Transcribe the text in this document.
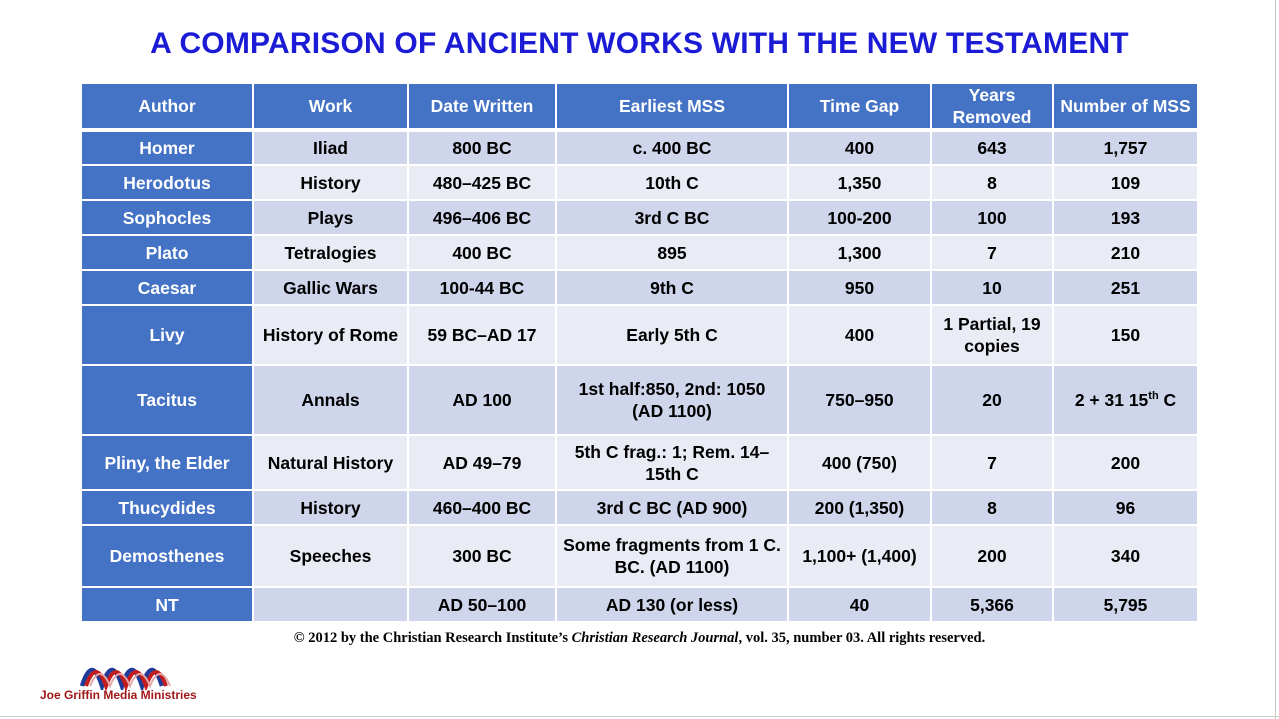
A COMPARISON OF ANCIENT WORKS WITH THE NEW TESTAMENT
Author	Work	Date Written	Earliest MSS	Time Gap	Years Removed	Number of MSS
Homer	Iliad	800 BC	c. 400 BC	400	643	1,757
Herodotus	History	480–425 BC	10th C	1,350	8	109
Sophocles	Plays	496–406 BC	3rd C BC	100-200	100	193
Plato	Tetralogies	400 BC	895	1,300	7	210
Caesar	Gallic Wars	100-44 BC	9th C	950	10	251
Livy	History of Rome	59 BC–AD 17	Early 5th C	400	1 Partial, 19 copies	150
Tacitus	Annals	AD 100	1st half:850, 2nd: 1050 (AD 1100)	750–950	20	2 + 31 15th C
Pliny, the Elder	Natural History	AD 49–79	5th C frag.: 1; Rem. 14–15th C	400 (750)	7	200
Thucydides	History	460–400 BC	3rd C BC (AD 900)	200 (1,350)	8	96
Demosthenes	Speeches	300 BC	Some fragments from 1 C. BC. (AD 1100)	1,100+ (1,400)	200	340
NT		AD 50–100	AD 130 (or less)	40	5,366	5,795
© 2012 by the Christian Research Institute’s Christian Research Journal, vol. 35, number 03. All rights reserved.
Joe Griffin Media Ministries
